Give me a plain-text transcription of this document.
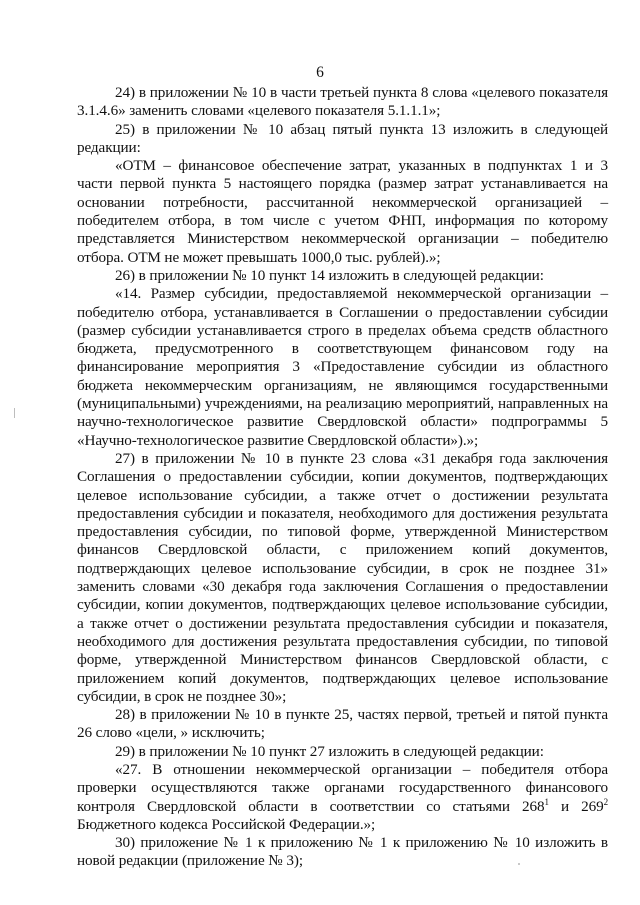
6

24) в приложении № 10 в части третьей пункта 8 слова «целевого показателя 3.1.4.6» заменить словами «целевого показателя 5.1.1.1»;

25) в приложении № 10 абзац пятый пункта 13 изложить в следующей редакции:

«ОТМ – финансовое обеспечение затрат, указанных в подпунктах 1 и 3 части первой пункта 5 настоящего порядка (размер затрат устанавливается на основании потребности, рассчитанной некоммерческой организацией – победителем отбора, в том числе с учетом ФНП, информация по которому представляется Министерством некоммерческой организации – победителю отбора. ОТМ не может превышать 1000,0 тыс. рублей).»;

26) в приложении № 10 пункт 14 изложить в следующей редакции:

«14. Размер субсидии, предоставляемой некоммерческой организации – победителю отбора, устанавливается в Соглашении о предоставлении субсидии (размер субсидии устанавливается строго в пределах объема средств областного бюджета, предусмотренного в соответствующем финансовом году на финансирование мероприятия 3 «Предоставление субсидии из областного бюджета некоммерческим организациям, не являющимся государственными (муниципальными) учреждениями, на реализацию мероприятий, направленных на научно-технологическое развитие Свердловской области» подпрограммы 5 «Научно-технологическое развитие Свердловской области»).»;

27) в приложении № 10 в пункте 23 слова «31 декабря года заключения Соглашения о предоставлении субсидии, копии документов, подтверждающих целевое использование субсидии, а также отчет о достижении результата предоставления субсидии и показателя, необходимого для достижения результата предоставления субсидии, по типовой форме, утвержденной Министерством финансов Свердловской области, с приложением копий документов, подтверждающих целевое использование субсидии, в срок не позднее 31» заменить словами «30 декабря года заключения Соглашения о предоставлении субсидии, копии документов, подтверждающих целевое использование субсидии, а также отчет о достижении результата предоставления субсидии и показателя, необходимого для достижения результата предоставления субсидии, по типовой форме, утвержденной Министерством финансов Свердловской области, с приложением копий документов, подтверждающих целевое использование субсидии, в срок не позднее 30»;

28) в приложении № 10 в пункте 25, частях первой, третьей и пятой пункта 26 слово «цели, » исключить;

29) в приложении № 10 пункт 27 изложить в следующей редакции:

«27. В отношении некоммерческой организации – победителя отбора проверки осуществляются также органами государственного финансового контроля Свердловской области в соответствии со статьями $268^1$ и $269^2$ Бюджетного кодекса Российской Федерации.»;

30) приложение № 1 к приложению № 1 к приложению № 10 изложить в новой редакции (приложение № 3);
